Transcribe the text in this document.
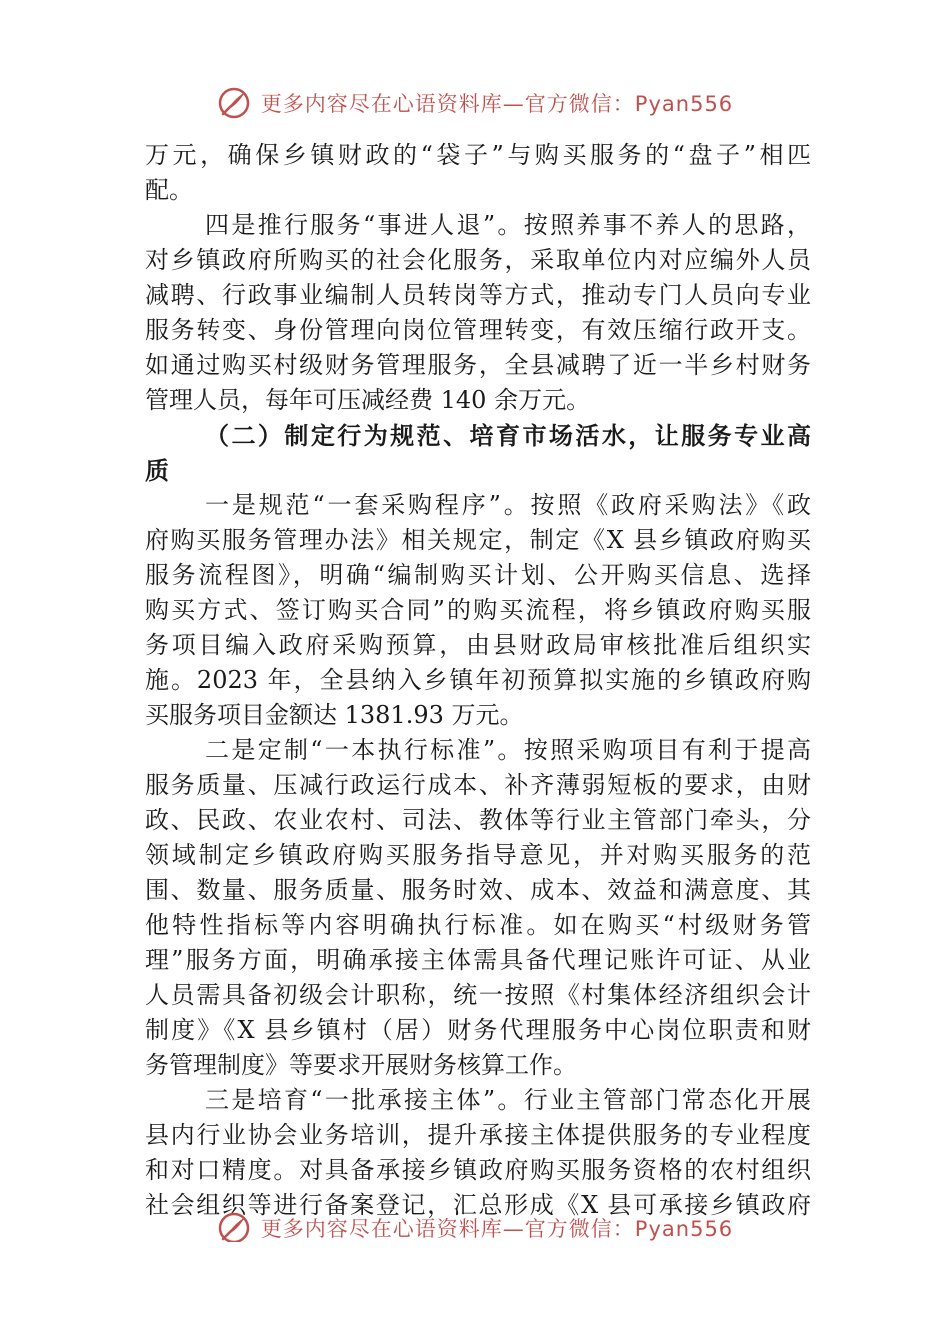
更多内容尽在心语资料库—官方微信：Pyan556
万元，确保乡镇财政的“袋子”与购买服务的“盘子”相匹
配。
四是推行服务“事进人退”。按照养事不养人的思路，
对乡镇政府所购买的社会化服务，采取单位内对应编外人员
减聘、行政事业编制人员转岗等方式，推动专门人员向专业
服务转变、身份管理向岗位管理转变，有效压缩行政开支。
如通过购买村级财务管理服务，全县减聘了近一半乡村财务
管理人员，每年可压减经费 140 余万元。
（二）制定行为规范、培育市场活水，让服务专业高
质
一是规范“一套采购程序”。按照《政府采购法》《政
府购买服务管理办法》相关规定，制定《X 县乡镇政府购买
服务流程图》，明确“编制购买计划、公开购买信息、选择
购买方式、签订购买合同”的购买流程，将乡镇政府购买服
务项目编入政府采购预算，由县财政局审核批准后组织实
施。2023 年，全县纳入乡镇年初预算拟实施的乡镇政府购
买服务项目金额达 1381.93 万元。
二是定制“一本执行标准”。按照采购项目有利于提高
服务质量、压减行政运行成本、补齐薄弱短板的要求，由财
政、民政、农业农村、司法、教体等行业主管部门牵头，分
领域制定乡镇政府购买服务指导意见，并对购买服务的范
围、数量、服务质量、服务时效、成本、效益和满意度、其
他特性指标等内容明确执行标准。如在购买“村级财务管
理”服务方面，明确承接主体需具备代理记账许可证、从业
人员需具备初级会计职称，统一按照《村集体经济组织会计
制度》《X 县乡镇村（居）财务代理服务中心岗位职责和财
务管理制度》等要求开展财务核算工作。
三是培育“一批承接主体”。行业主管部门常态化开展
县内行业协会业务培训，提升承接主体提供服务的专业程度
和对口精度。对具备承接乡镇政府购买服务资格的农村组织
社会组织等进行备案登记，汇总形成《X 县可承接乡镇政府
更多内容尽在心语资料库—官方微信：Pyan556
